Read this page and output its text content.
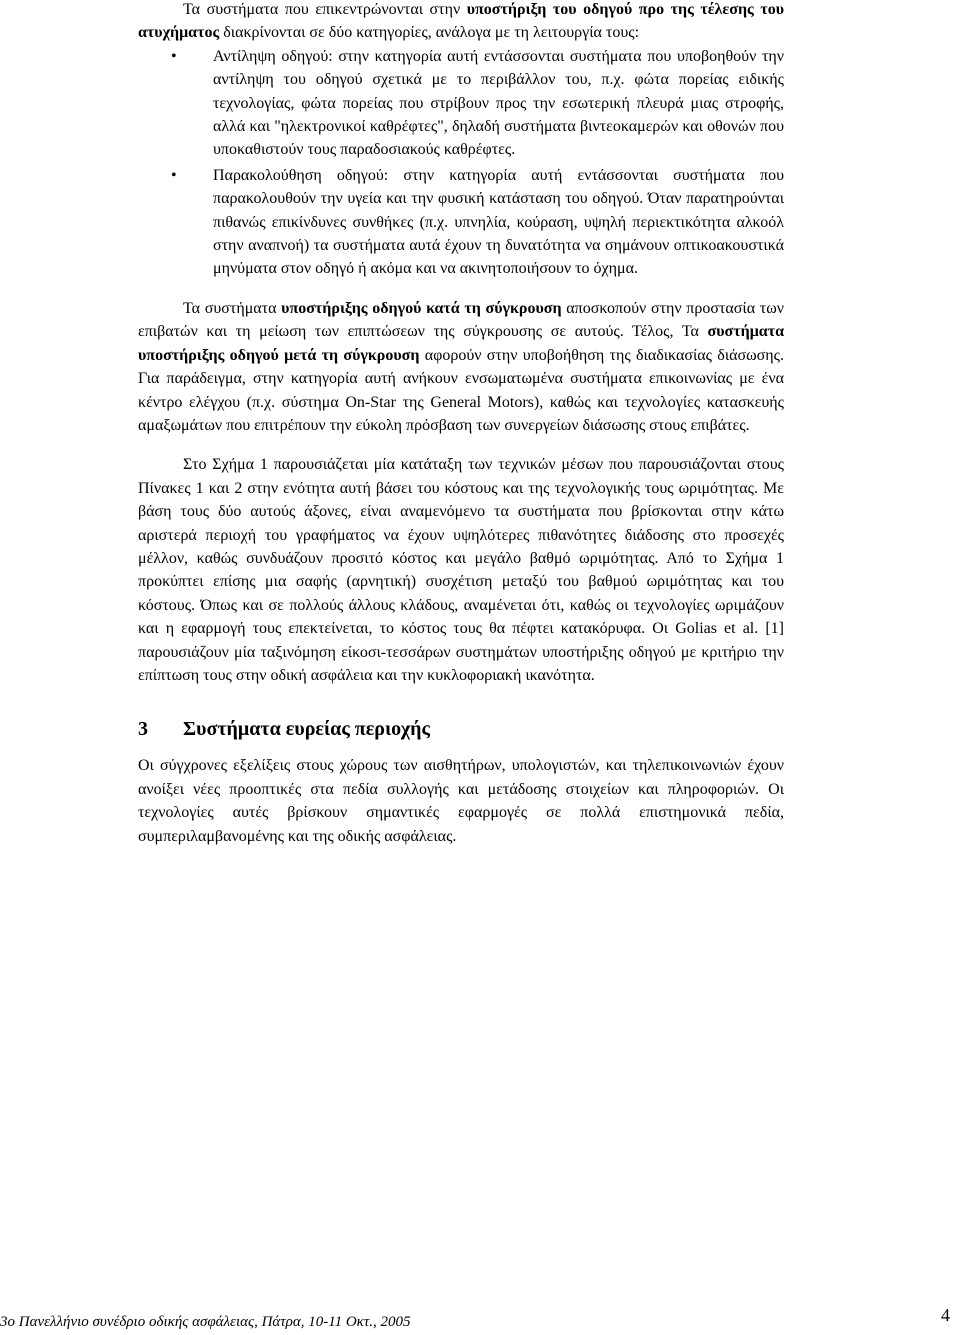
Τα συστήματα που επικεντρώνονται στην υποστήριξη του οδηγού προ της τέλεσης του ατυχήματος διακρίνονται σε δύο κατηγορίες, ανάλογα με τη λειτουργία τους:

• Αντίληψη οδηγού: στην κατηγορία αυτή εντάσσονται συστήματα που υποβοηθούν την αντίληψη του οδηγού σχετικά με το περιβάλλον του, π.χ. φώτα πορείας ειδικής τεχνολογίας, φώτα πορείας που στρίβουν προς την εσωτερική πλευρά μιας στροφής, αλλά και "ηλεκτρονικοί καθρέφτες", δηλαδή συστήματα βιντεοκαμερών και οθονών που υποκαθιστούν τους παραδοσιακούς καθρέφτες.
• Παρακολούθηση οδηγού: στην κατηγορία αυτή εντάσσονται συστήματα που παρακολουθούν την υγεία και την φυσική κατάσταση του οδηγού. Όταν παρατηρούνται πιθανώς επικίνδυνες συνθήκες (π.χ. υπνηλία, κούραση, υψηλή περιεκτικότητα αλκοόλ στην αναπνοή) τα συστήματα αυτά έχουν τη δυνατότητα να σημάνουν οπτικοακουστικά μηνύματα στον οδηγό ή ακόμα και να ακινητοποιήσουν το όχημα.

Τα συστήματα υποστήριξης οδηγού κατά τη σύγκρουση αποσκοπούν στην προστασία των επιβατών και τη μείωση των επιπτώσεων της σύγκρουσης σε αυτούς. Τέλος, Τα συστήματα υποστήριξης οδηγού μετά τη σύγκρουση αφορούν στην υποβοήθηση της διαδικασίας διάσωσης. Για παράδειγμα, στην κατηγορία αυτή ανήκουν ενσωματωμένα συστήματα επικοινωνίας με ένα κέντρο ελέγχου (π.χ. σύστημα On-Star της General Motors), καθώς και τεχνολογίες κατασκευής αμαξωμάτων που επιτρέπουν την εύκολη πρόσβαση των συνεργείων διάσωσης στους επιβάτες.

Στο Σχήμα 1 παρουσιάζεται μία κατάταξη των τεχνικών μέσων που παρουσιάζονται στους Πίνακες 1 και 2 στην ενότητα αυτή βάσει του κόστους και της τεχνολογικής τους ωριμότητας. Με βάση τους δύο αυτούς άξονες, είναι αναμενόμενο τα συστήματα που βρίσκονται στην κάτω αριστερά περιοχή του γραφήματος να έχουν υψηλότερες πιθανότητες διάδοσης στο προσεχές μέλλον, καθώς συνδυάζουν προσιτό κόστος και μεγάλο βαθμό ωριμότητας. Από το Σχήμα 1 προκύπτει επίσης μια σαφής (αρνητική) συσχέτιση μεταξύ του βαθμού ωριμότητας και του κόστους. Όπως και σε πολλούς άλλους κλάδους, αναμένεται ότι, καθώς οι τεχνολογίες ωριμάζουν και η εφαρμογή τους επεκτείνεται, το κόστος τους θα πέφτει κατακόρυφα. Οι Golias et al. [1] παρουσιάζουν μία ταξινόμηση είκοσι-τεσσάρων συστημάτων υποστήριξης οδηγού με κριτήριο την επίπτωση τους στην οδική ασφάλεια και την κυκλοφοριακή ικανότητα.

3	Συστήματα ευρείας περιοχής

Οι σύγχρονες εξελίξεις στους χώρους των αισθητήρων, υπολογιστών, και τηλεπικοινωνιών έχουν ανοίξει νέες προοπτικές στα πεδία συλλογής και μετάδοσης στοιχείων και πληροφοριών. Οι τεχνολογίες αυτές βρίσκουν σημαντικές εφαρμογές σε πολλά επιστημονικά πεδία, συμπεριλαμβανομένης και της οδικής ασφάλειας.

3ο Πανελλήνιο συνέδριο οδικής ασφάλειας, Πάτρα, 10-11 Οκτ., 2005	4
